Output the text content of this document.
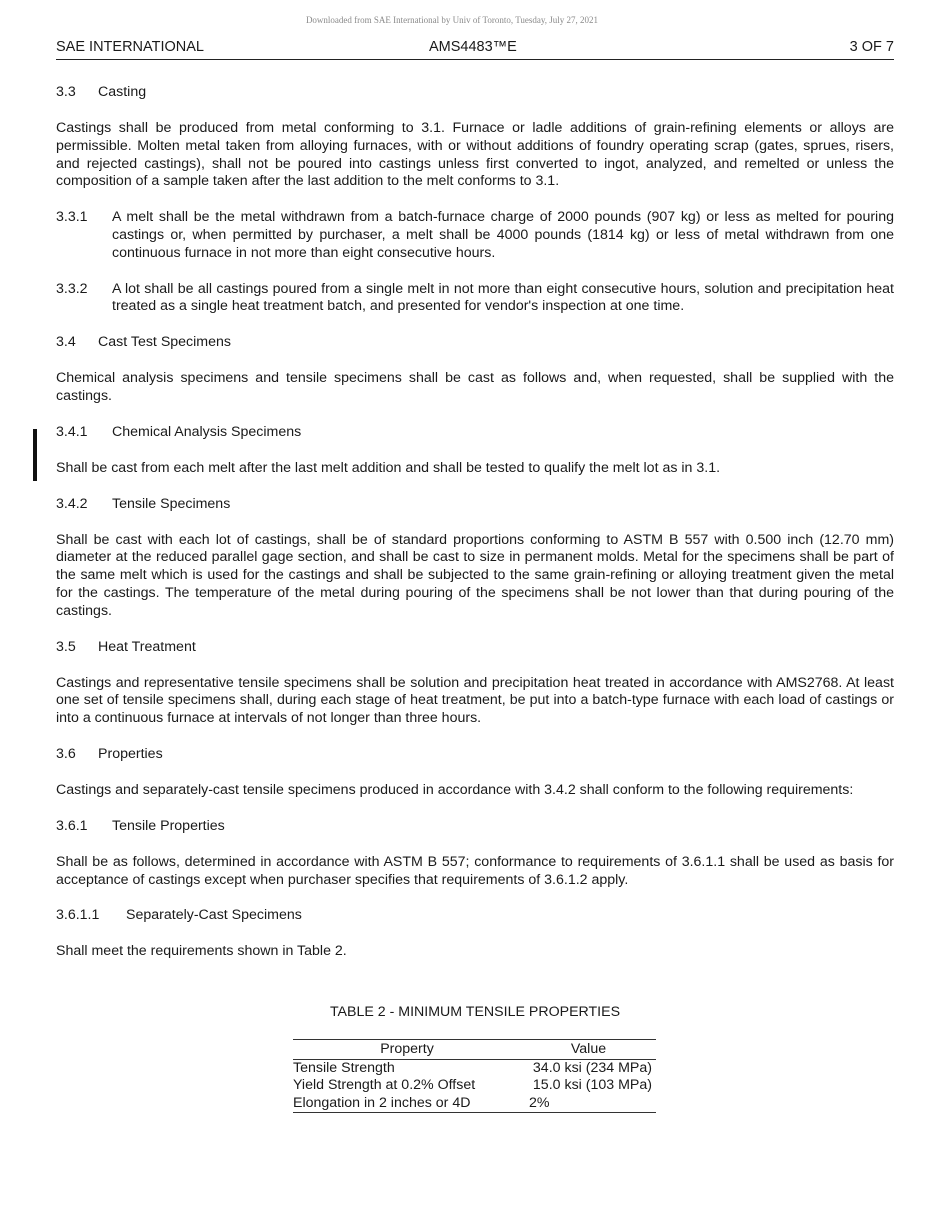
Downloaded from SAE International by Univ of Toronto, Tuesday, July 27, 2021
SAE INTERNATIONAL	AMS4483™E	3 OF 7
3.3 Casting

Castings shall be produced from metal conforming to 3.1. Furnace or ladle additions of grain-refining elements or alloys are permissible. Molten metal taken from alloying furnaces, with or without additions of foundry operating scrap (gates, sprues, risers, and rejected castings), shall not be poured into castings unless first converted to ingot, analyzed, and remelted or unless the composition of a sample taken after the last addition to the melt conforms to 3.1.

3.3.1	A melt shall be the metal withdrawn from a batch-furnace charge of 2000 pounds (907 kg) or less as melted for pouring castings or, when permitted by purchaser, a melt shall be 4000 pounds (1814 kg) or less of metal withdrawn from one continuous furnace in not more than eight consecutive hours.
3.3.2	A lot shall be all castings poured from a single melt in not more than eight consecutive hours, solution and precipitation heat treated as a single heat treatment batch, and presented for vendor's inspection at one time.
3.4 Cast Test Specimens

Chemical analysis specimens and tensile specimens shall be cast as follows and, when requested, shall be supplied with the castings.

3.4.1 Chemical Analysis Specimens

Shall be cast from each melt after the last melt addition and shall be tested to qualify the melt lot as in 3.1.

3.4.2 Tensile Specimens

Shall be cast with each lot of castings, shall be of standard proportions conforming to ASTM B 557 with 0.500 inch (12.70 mm) diameter at the reduced parallel gage section, and shall be cast to size in permanent molds. Metal for the specimens shall be part of the same melt which is used for the castings and shall be subjected to the same grain-refining or alloying treatment given the metal for the castings. The temperature of the metal during pouring of the specimens shall be not lower than that during pouring of the castings.

3.5 Heat Treatment

Castings and representative tensile specimens shall be solution and precipitation heat treated in accordance with AMS2768. At least one set of tensile specimens shall, during each stage of heat treatment, be put into a batch-type furnace with each load of castings or into a continuous furnace at intervals of not longer than three hours.

3.6 Properties

Castings and separately-cast tensile specimens produced in accordance with 3.4.2 shall conform to the following requirements:

3.6.1 Tensile Properties

Shall be as follows, determined in accordance with ASTM B 557; conformance to requirements of 3.6.1.1 shall be used as basis for acceptance of castings except when purchaser specifies that requirements of 3.6.1.2 apply.

3.6.1.1 Separately-Cast Specimens

Shall meet the requirements shown in Table 2.

TABLE 2 - MINIMUM TENSILE PROPERTIES
Property	Value
Tensile Strength	34.0 ksi (234 MPa)
Yield Strength at 0.2% Offset	15.0 ksi (103 MPa)
Elongation in 2 inches or 4D	2%
